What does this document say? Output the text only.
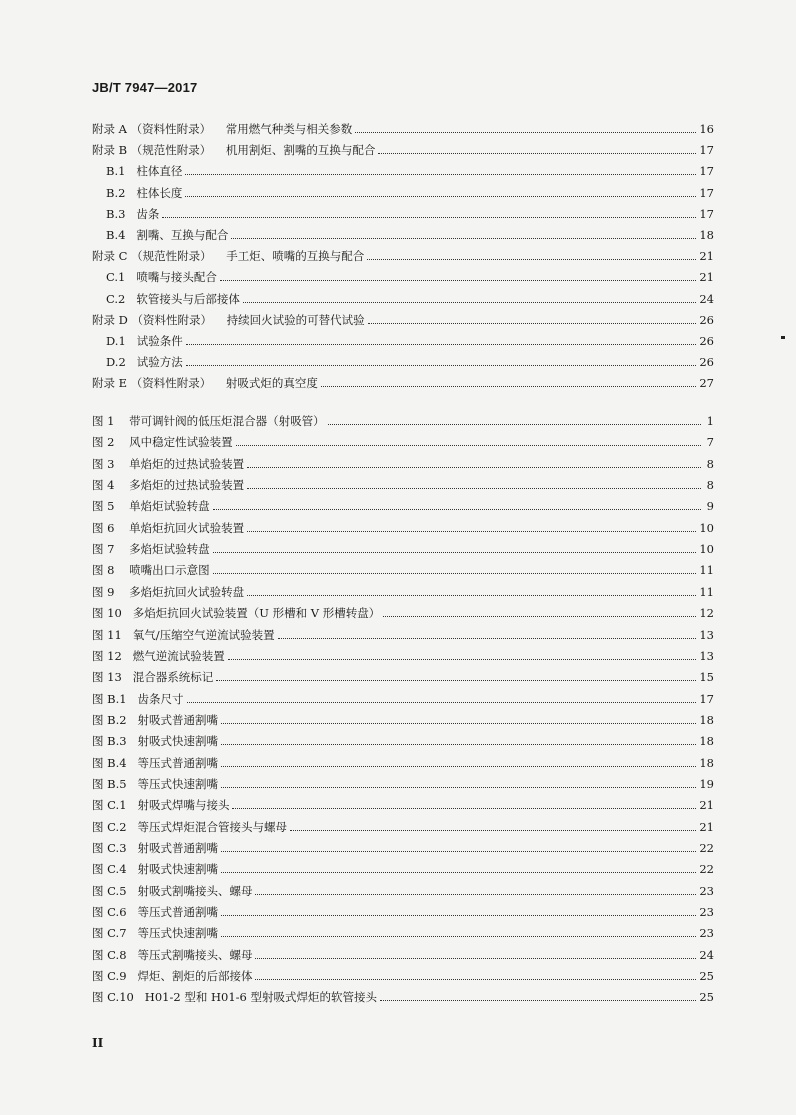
JB/T 7947—2017
附录 A （资料性附录）    常用燃气种类与相关参数	16
附录 B （规范性附录）    机用割炬、割嘴的互换与配合	17
B.1   柱体直径	17
B.2   柱体长度	17
B.3   齿条	17
B.4   割嘴、互换与配合	18
附录 C （规范性附录）    手工炬、喷嘴的互换与配合	21
C.1   喷嘴与接头配合	21
C.2   软管接头与后部接体	24
附录 D （资料性附录）    持续回火试验的可替代试验	26
D.1   试验条件	26
D.2   试验方法	26
附录 E （资料性附录）    射吸式炬的真空度	27
图 1    带可调针阀的低压炬混合器（射吸管）	1
图 2    风中稳定性试验装置	7
图 3    单焰炬的过热试验装置	8
图 4    多焰炬的过热试验装置	8
图 5    单焰炬试验转盘	9
图 6    单焰炬抗回火试验装置	10
图 7    多焰炬试验转盘	10
图 8    喷嘴出口示意图	11
图 9    多焰炬抗回火试验转盘	11
图 10   多焰炬抗回火试验装置（U 形槽和 V 形槽转盘）	12
图 11   氧气/压缩空气逆流试验装置	13
图 12   燃气逆流试验装置	13
图 13   混合器系统标记	15
图 B.1   齿条尺寸	17
图 B.2   射吸式普通割嘴	18
图 B.3   射吸式快速割嘴	18
图 B.4   等压式普通割嘴	18
图 B.5   等压式快速割嘴	19
图 C.1   射吸式焊嘴与接头	21
图 C.2   等压式焊炬混合管接头与螺母	21
图 C.3   射吸式普通割嘴	22
图 C.4   射吸式快速割嘴	22
图 C.5   射吸式割嘴接头、螺母	23
图 C.6   等压式普通割嘴	23
图 C.7   等压式快速割嘴	23
图 C.8   等压式割嘴接头、螺母	24
图 C.9   焊炬、割炬的后部接体	25
图 C.10   H01-2 型和 H01-6 型射吸式焊炬的软管接头	25
II
